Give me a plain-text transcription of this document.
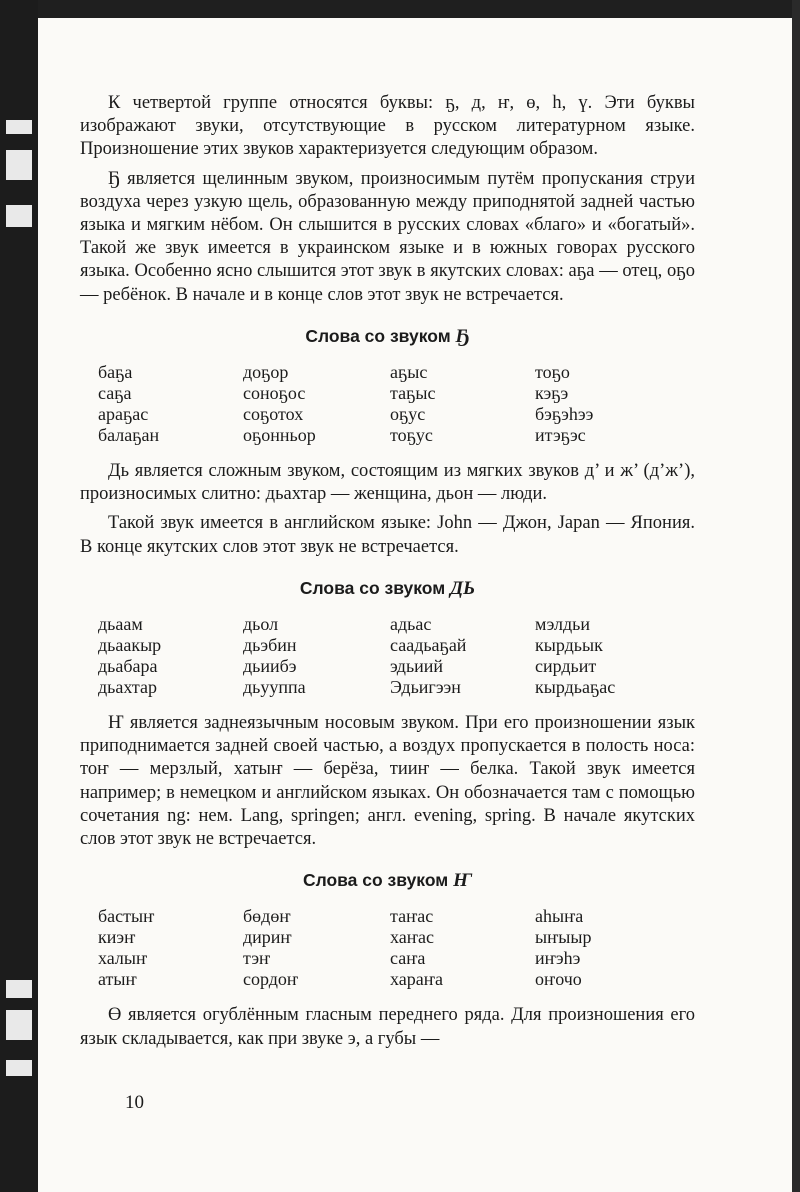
К четвертой группе относятся буквы: ҕ, д, ҥ, ө, һ, ү. Эти буквы изображают звуки, отсутствующие в русском литературном языке. Произношение этих звуков характеризуется следующим образом.

Ҕ является щелинным звуком, произносимым путём пропускания струи воздуха через узкую щель, образованную между приподнятой задней частью языка и мягким нёбом. Он слышится в русских словах «благо» и «богатый». Такой же звук имеется в украинском языке и в южных говорах русского языка. Особенно ясно слышится этот звук в якутских словах: аҕа — отец, оҕо — ребёнок. В начале и в конце слов этот звук не встречается.

Слова со звуком Ҕ
баҕа	доҕор	аҕыс	тоҕо
саҕа	соноҕос	таҕыс	кэҕэ
араҕас	соҕотох	оҕус	бэҕэһээ
балаҕан	оҕонньор	тоҕус	итэҕэс

Дь является сложным звуком, состоящим из мягких звуков д’ и ж’ (д’ж’), произносимых слитно: дьахтар — женщина, дьон — люди.

Такой звук имеется в английском языке: John — Джон, Japan — Япония. В конце якутских слов этот звук не встречается.

Слова со звуком ДЬ
дьаам	дьол	адьас	мэлдьи
дьаакыр	дьэбин	саадьаҕай	кырдьык
дьабара	дьиибэ	эдьиий	сирдьит
дьахтар	дьууппа	Эдьигээн	кырдьаҕас

Ҥ является заднеязычным носовым звуком. При его произношении язык приподнимается задней своей частью, а воздух пропускается в полость носа: тоҥ — мерзлый, хатыҥ — берёза, тииҥ — белка. Такой звук имеется например; в немецком и английском языках. Он обозначается там с помощью сочетания ng: нем. Lang, springen; англ. evening, spring. В начале якутских слов этот звук не встречается.

Слова со звуком Ҥ
бастыҥ	бөдөҥ	таҥас	аһыҥа
киэҥ	дириҥ	хаҥас	ыҥыыр
халыҥ	тэҥ	саҥа	иҥэһэ
атыҥ	сордоҥ	хараҥа	оҥочо

Ө является огублённым гласным переднего ряда. Для произношения его язык складывается, как при звуке э, а губы —

10
